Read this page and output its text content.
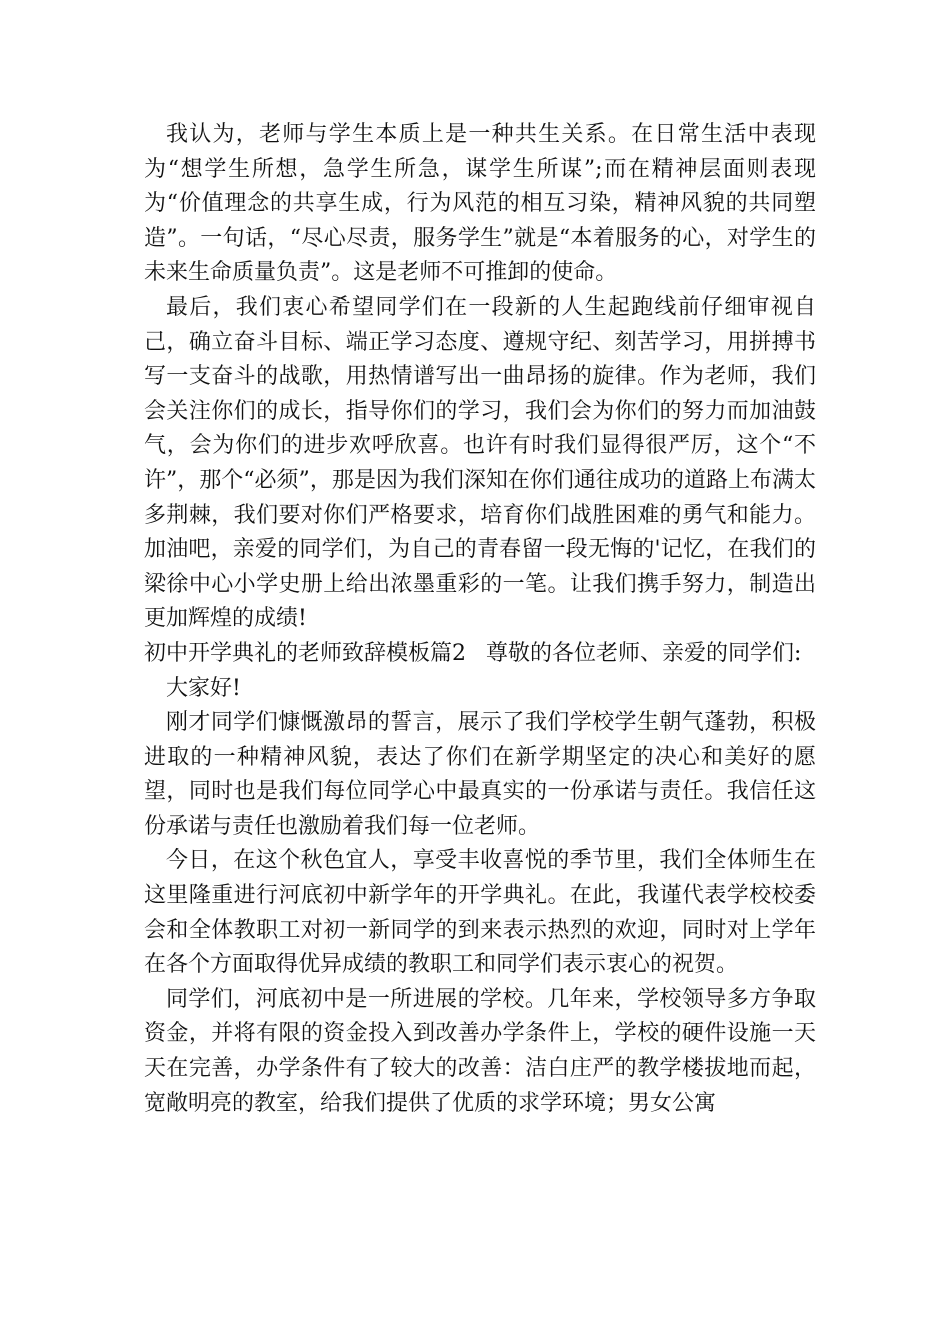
我认为，老师与学生本质上是一种共生关系。在日常生活中表现为“想学生所想，急学生所急，谋学生所谋”;而在精神层面则表现为“价值理念的共享生成，行为风范的相互习染，精神风貌的共同塑造”。一句话，“尽心尽责，服务学生”就是“本着服务的心，对学生的未来生命质量负责”。这是老师不可推卸的使命。

最后，我们衷心希望同学们在一段新的人生起跑线前仔细审视自己，确立奋斗目标、端正学习态度、遵规守纪、刻苦学习，用拼搏书写一支奋斗的战歌，用热情谱写出一曲昂扬的旋律。作为老师，我们会关注你们的成长，指导你们的学习，我们会为你们的努力而加油鼓气，会为你们的进步欢呼欣喜。也许有时我们显得很严厉，这个“不许”，那个“必须”，那是因为我们深知在你们通往成功的道路上布满太多荆棘，我们要对你们严格要求，培育你们战胜困难的勇气和能力。加油吧，亲爱的同学们，为自己的青春留一段无悔的'记忆，在我们的梁徐中心小学史册上给出浓墨重彩的一笔。让我们携手努力，制造出更加辉煌的成绩!

初中开学典礼的老师致辞模板篇2 尊敬的各位老师、亲爱的同学们:

大家好!

刚才同学们慷慨激昂的誓言，展示了我们学校学生朝气蓬勃，积极进取的一种精神风貌，表达了你们在新学期坚定的决心和美好的愿望，同时也是我们每位同学心中最真实的一份承诺与责任。我信任这份承诺与责任也激励着我们每一位老师。

今日，在这个秋色宜人，享受丰收喜悦的季节里，我们全体师生在这里隆重进行河底初中新学年的开学典礼。在此，我谨代表学校校委会和全体教职工对初一新同学的到来表示热烈的欢迎，同时对上学年在各个方面取得优异成绩的教职工和同学们表示衷心的祝贺。

同学们，河底初中是一所进展的学校。几年来，学校领导多方争取资金，并将有限的资金投入到改善办学条件上，学校的硬件设施一天天在完善，办学条件有了较大的改善：洁白庄严的教学楼拔地而起，宽敞明亮的教室，给我们提供了优质的求学环境；男女公寓
